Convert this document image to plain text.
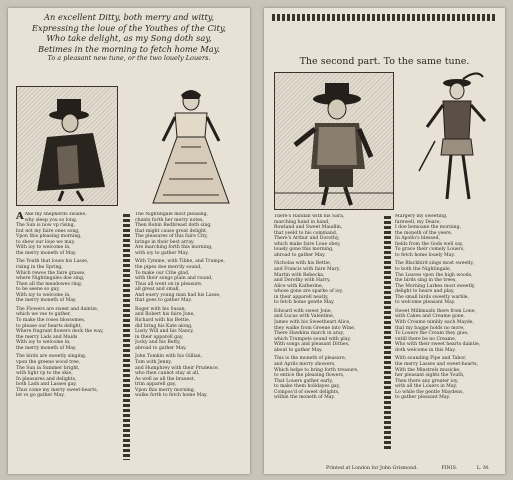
An excellent Ditty, both merry and witty,
Expressing the loue of the Youthes of the City,
Who take delight, as my Song doth say,
Betimes in the morning to fetch home May.
To a pleasant new tune, or the two louely Louers.
A Ake my shepherds swaine,
why sleep you so long,
The Sun is now vp rising,
but not my faire ones song,
Vpon this pleasing morning,
to shew our loue we may,
With ioy to welcome in,
the merry moneth of May.
The Youth that loues his Lasse,
rising in the Spring,
Which rewes the faire grasse,
where Nightingales doe sing,
Then all the meadowes ring,
to be seene so gay,
With ioy to welcome in,
the merry moneth of May.
The Flowers are sweet and daintie,
which we vse to gather,
To make the roses blossomes,
to please our hearts delight,
Where fragrant flowers deck the way,
the merry Lads and Maids
With ioy to welcome in,
the merry moneth of May.
The birds are sweetly singing,
vpon the greene wood tree,
The Sun in Summer bright,
with light vp to the skie,
In pleasures and delights,
both Lads and Lasses gay,
Thus come my merry sweet-hearts,
let vs go gather May.
The Nightingale most pleasing,
chants forth her merry notes,
Then Robin Redbreast doth sing,
that might cause great delight,
The pleasures of this faire City,
brings in their best array,
Are marching forth this morning,
with ioy to gather May.
With Tymme, with Tibbe, and Trumpe,
the pipes doe merrily sound,
To make our Citie glad,
with their songs plain and round,
Thus all went on in pleasure,
all great and small,
And euery young man had his Lasse,
that goes to gather May.
Roger with his Susan,
and Robert his faire Jone,
Richard with his Bettie,
did bring his Kate along,
Lusty Will and his Nancy,
in their apparell gay,
Jocky and his Betty,
abroad to gather May.
John Tomkin with his Gillian,
Tom with Jenny,
and Humphrey with their Prudence,
who then cannot stay at all,
As well as all the brauest,
trim apparell gay,
Vpon this merry morning,
walke forth to fetch home May.
The second part. To the same tune.
There's Randall with his Sara,
marching hand in hand,
Rowland and Sweet Maudlin,
that yeeld to his command,
There's Arthur and Dorothy,
which make faire Loue obey,
louely gone this morning,
abroad to gather May.
Nicholas with his Bettie,
and Francis with faire Mary,
Martin with Rebecka,
and Dorothy with Harry,
Alice with Katherine,
whose gone are sparke of ioy,
in their apparell neatly,
to fetch home gentle May.
Edward with sweet Jone,
and Lucas with Valentine,
James with his Sweetheart Alice,
they walke from Greene into Wine,
There Hawkins march in aray,
which Trumpets sound with play,
With songs and pleasant Ditties,
about to gather May.
This is the moneth of pleasure,
and Aprils merry showers,
Which helpe to bring forth treasure,
to entice the pleasing flowers,
That Louers gather early,
to make them holidayes gay,
Compos'd of sweet delights,
within the moneth of May.
Margery my sweeting,
farewell, my Deare,
I doe bemoane the morning,
the moneth of the yeere,
In Apollo's blessed,
fields from the Gods well say,
To grace their comely Louers,
to fetch home louely May.
The Blackbird sings most sweetly,
to both the Nightingale,
The Leaves vpon the high woods,
the birds sing in the trees,
The Morning Larkes most sweetly,
delight to heare and play,
The small birds sweetly warble,
to welcome pleasant May.
Sweet Milkmaids there from Lone,
with Cakes and Creame gone,
With Creame nimbly each Mayde,
that my bagge holds no more,
To Louers the Cream they giue,
vntill there be no Creame,
Who with their sweet hearts daintie,
doth welcome in this May.
With sounding Pipe and Tabor,
the merry Lasses and sweet-hearts,
With the Minstrels musicke,
her pleasant sights the Youth,
Then there any greater ioy,
with all the Louers in May,
Lo while the gentle Maydens,
to gather pleasant May.
Printed at London for John Grismond.	FINIS.	L. M.
